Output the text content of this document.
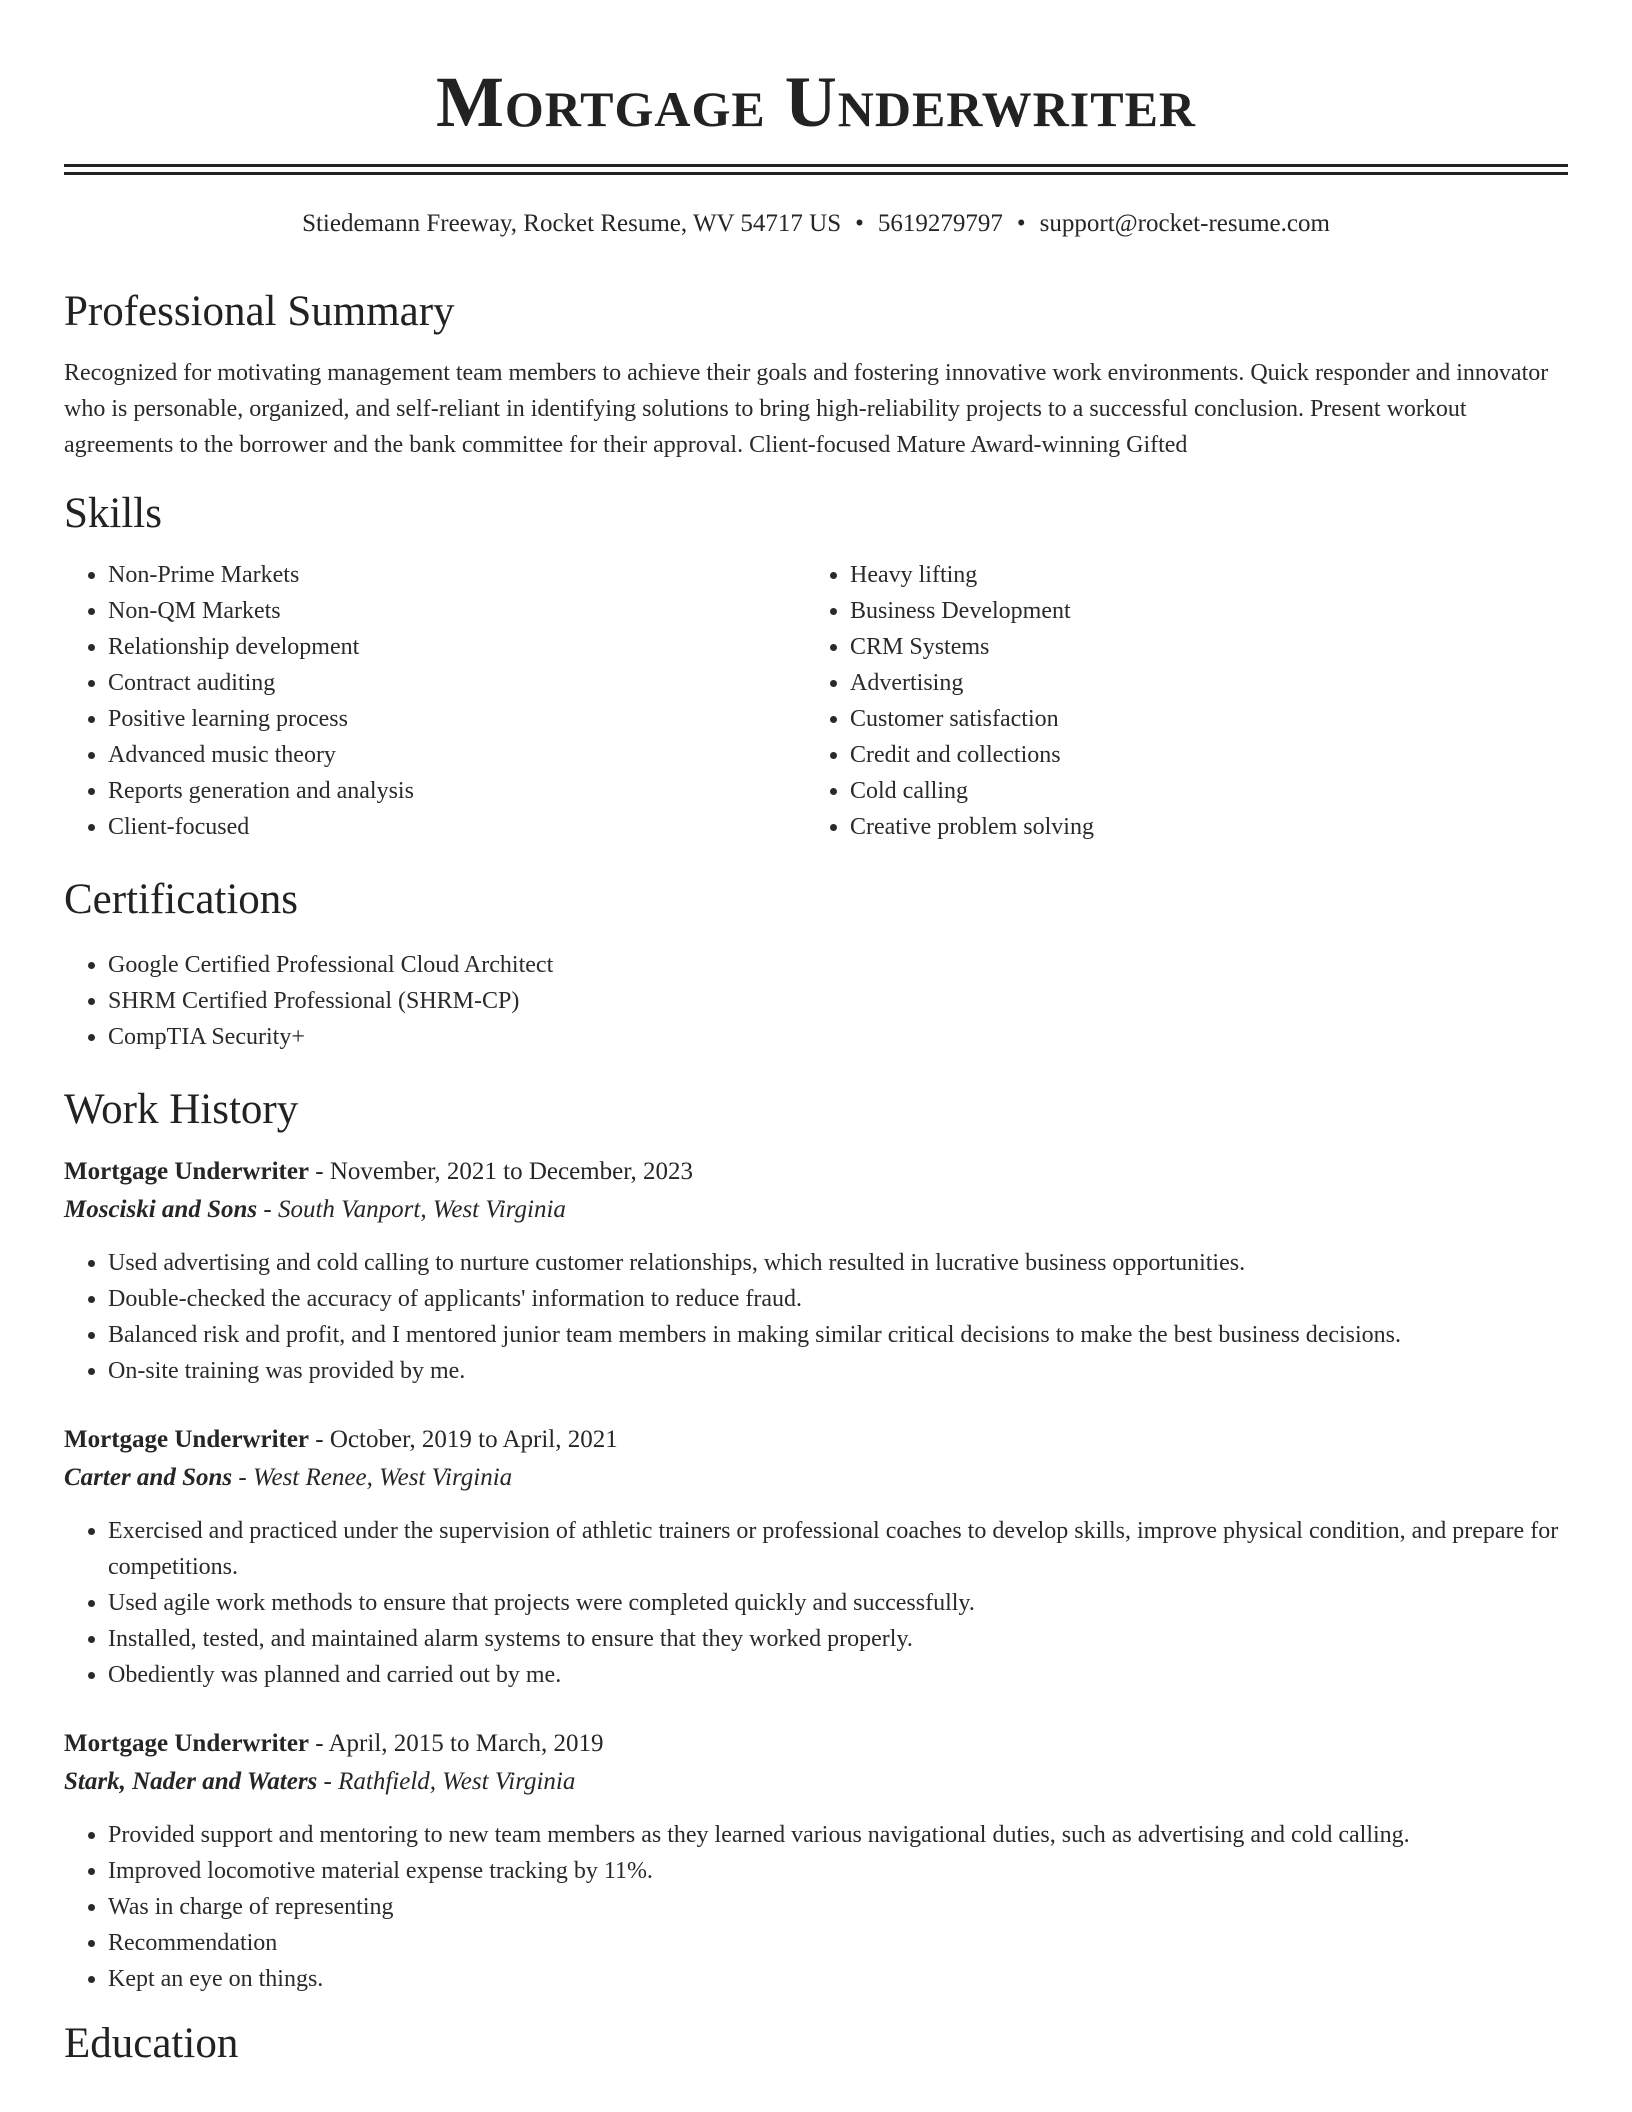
Mortgage Underwriter
Stiedemann Freeway, Rocket Resume, WV 54717 US • 5619279797 • support@rocket-resume.com
Professional Summary

Recognized for motivating management team members to achieve their goals and fostering innovative work environments. Quick responder and innovator who is personable, organized, and self-reliant in identifying solutions to bring high-reliability projects to a successful conclusion. Present workout agreements to the borrower and the bank committee for their approval. Client-focused Mature Award-winning Gifted

Skills
• Non-Prime Markets
• Non-QM Markets
• Relationship development
• Contract auditing
• Positive learning process
• Advanced music theory
• Reports generation and analysis
• Client-focused
• Heavy lifting
• Business Development
• CRM Systems
• Advertising
• Customer satisfaction
• Credit and collections
• Cold calling
• Creative problem solving
Certifications
• Google Certified Professional Cloud Architect
• SHRM Certified Professional (SHRM-CP)
• CompTIA Security+
Work History
Mortgage Underwriter - November, 2021 to December, 2023
Mosciski and Sons - South Vanport, West Virginia
• Used advertising and cold calling to nurture customer relationships, which resulted in lucrative business opportunities.
• Double-checked the accuracy of applicants' information to reduce fraud.
• Balanced risk and profit, and I mentored junior team members in making similar critical decisions to make the best business decisions.
• On-site training was provided by me.
Mortgage Underwriter - October, 2019 to April, 2021
Carter and Sons - West Renee, West Virginia
• Exercised and practiced under the supervision of athletic trainers or professional coaches to develop skills, improve physical condition, and prepare for competitions.
• Used agile work methods to ensure that projects were completed quickly and successfully.
• Installed, tested, and maintained alarm systems to ensure that they worked properly.
• Obediently was planned and carried out by me.
Mortgage Underwriter - April, 2015 to March, 2019
Stark, Nader and Waters - Rathfield, West Virginia
• Provided support and mentoring to new team members as they learned various navigational duties, such as advertising and cold calling.
• Improved locomotive material expense tracking by 11%.
• Was in charge of representing
• Recommendation
• Kept an eye on things.
Education
